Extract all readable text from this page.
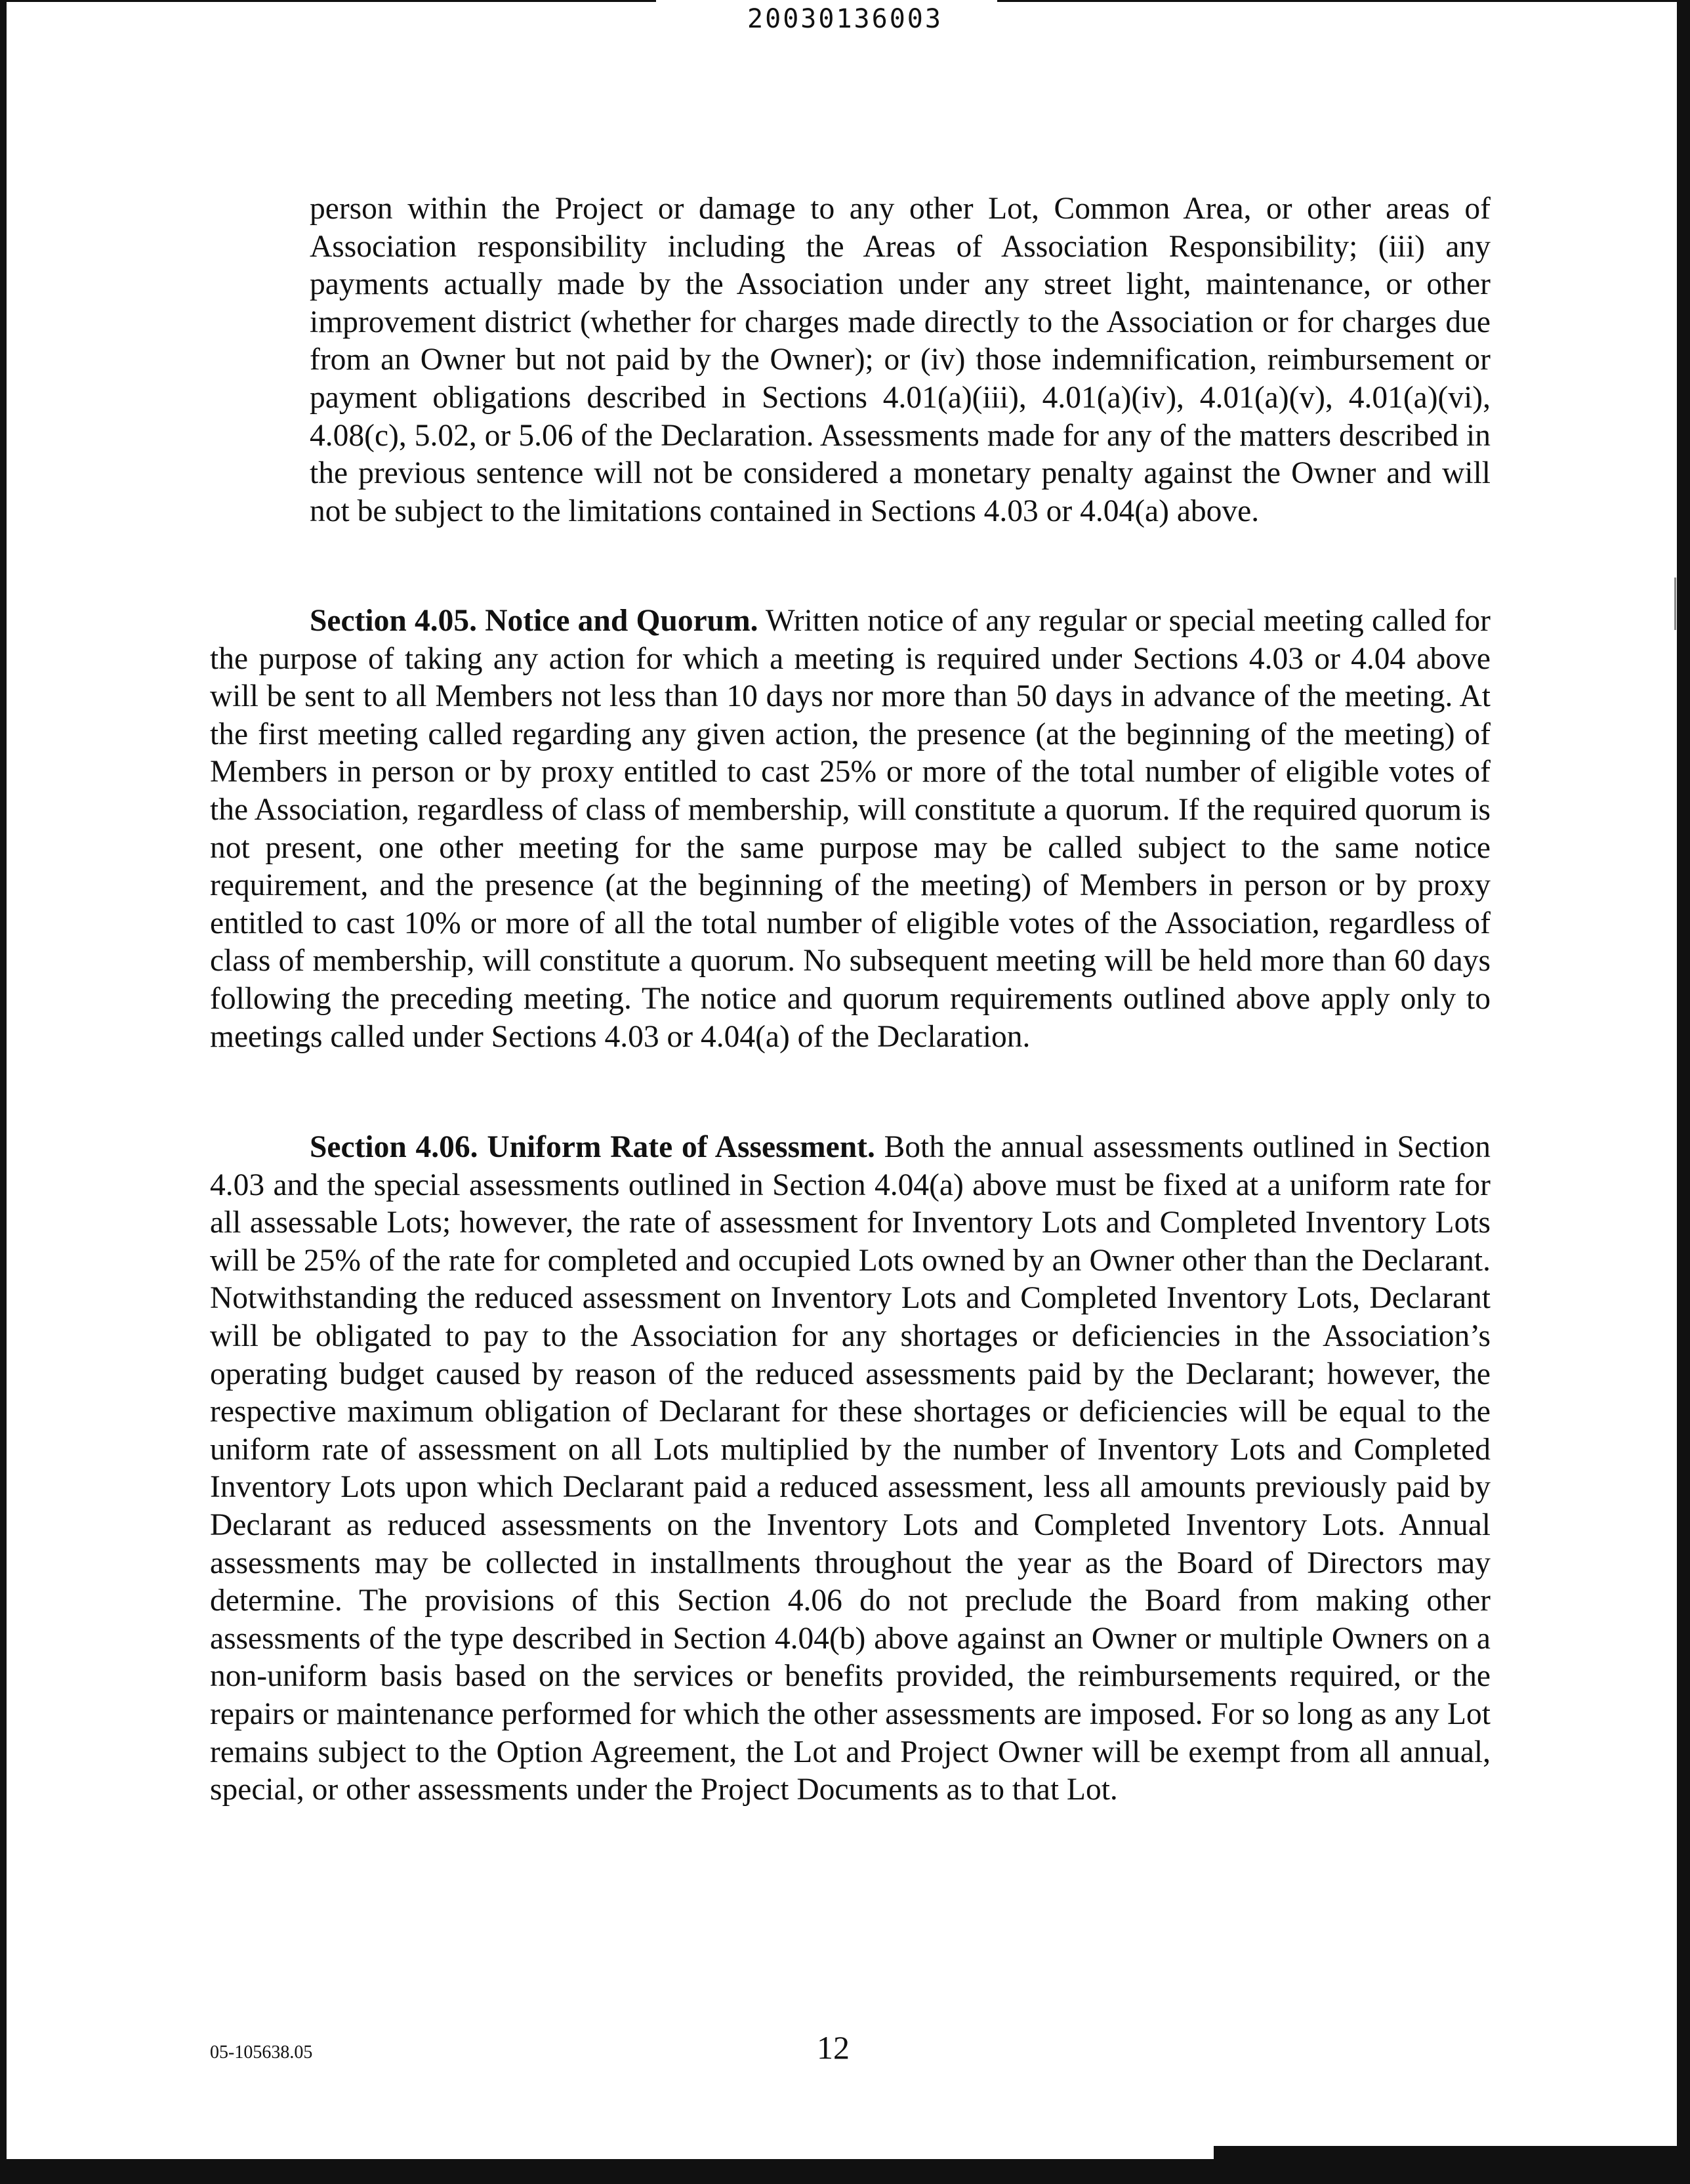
20030136003

person within the Project or damage to any other Lot, Common Area, or other areas of Association responsibility including the Areas of Association Responsibility; (iii) any payments actually made by the Association under any street light, maintenance, or other improvement district (whether for charges made directly to the Association or for charges due from an Owner but not paid by the Owner); or (iv) those indemnification, reimbursement or payment obligations described in Sections 4.01(a)(iii), 4.01(a)(iv), 4.01(a)(v), 4.01(a)(vi), 4.08(c), 5.02, or 5.06 of the Declaration. Assessments made for any of the matters described in the previous sentence will not be considered a monetary penalty against the Owner and will not be subject to the limitations contained in Sections 4.03 or 4.04(a) above.

Section 4.05. Notice and Quorum. Written notice of any regular or special meeting called for the purpose of taking any action for which a meeting is required under Sections 4.03 or 4.04 above will be sent to all Members not less than 10 days nor more than 50 days in advance of the meeting. At the first meeting called regarding any given action, the presence (at the beginning of the meeting) of Members in person or by proxy entitled to cast 25% or more of the total number of eligible votes of the Association, regardless of class of membership, will constitute a quorum. If the required quorum is not present, one other meeting for the same purpose may be called subject to the same notice requirement, and the presence (at the beginning of the meeting) of Members in person or by proxy entitled to cast 10% or more of all the total number of eligible votes of the Association, regardless of class of membership, will constitute a quorum. No subsequent meeting will be held more than 60 days following the preceding meeting. The notice and quorum requirements outlined above apply only to meetings called under Sections 4.03 or 4.04(a) of the Declaration.

Section 4.06. Uniform Rate of Assessment. Both the annual assessments outlined in Section 4.03 and the special assessments outlined in Section 4.04(a) above must be fixed at a uniform rate for all assessable Lots; however, the rate of assessment for Inventory Lots and Completed Inventory Lots will be 25% of the rate for completed and occupied Lots owned by an Owner other than the Declarant. Notwithstanding the reduced assessment on Inventory Lots and Completed Inventory Lots, Declarant will be obligated to pay to the Association for any shortages or deficiencies in the Association’s operating budget caused by reason of the reduced assessments paid by the Declarant; however, the respective maximum obligation of Declarant for these shortages or deficiencies will be equal to the uniform rate of assessment on all Lots multiplied by the number of Inventory Lots and Completed Inventory Lots upon which Declarant paid a reduced assessment, less all amounts previously paid by Declarant as reduced assessments on the Inventory Lots and Completed Inventory Lots. Annual assessments may be collected in installments throughout the year as the Board of Directors may determine. The provisions of this Section 4.06 do not preclude the Board from making other assessments of the type described in Section 4.04(b) above against an Owner or multiple Owners on a non-uniform basis based on the services or benefits provided, the reimbursements required, or the repairs or maintenance performed for which the other assessments are imposed. For so long as any Lot remains subject to the Option Agreement, the Lot and Project Owner will be exempt from all annual, special, or other assessments under the Project Documents as to that Lot.

05-105638.05	12
